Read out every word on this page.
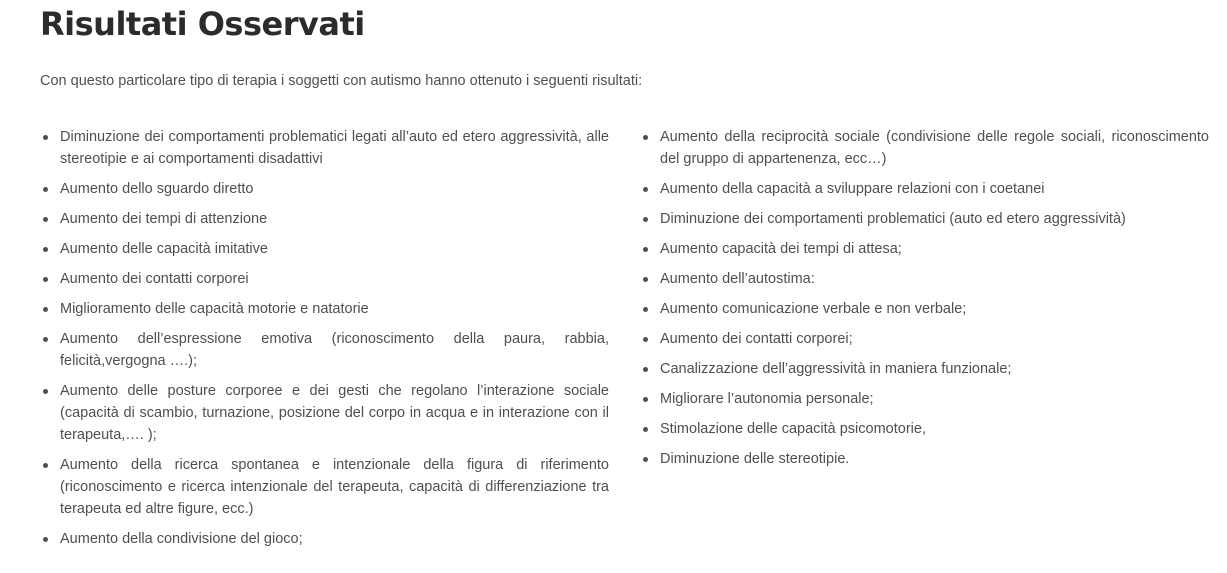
Risultati Osservati

Con questo particolare tipo di terapia i soggetti con autismo hanno ottenuto i seguenti risultati:

Diminuzione dei comportamenti problematici legati all’auto ed etero aggressività, alle stereotipie e ai comportamenti disadattivi
Aumento dello sguardo diretto
Aumento dei tempi di attenzione
Aumento delle capacità imitative
Aumento dei contatti corporei
Miglioramento delle capacità motorie e natatorie
Aumento dell’espressione emotiva (riconoscimento della paura, rabbia, felicità,vergogna ….);
Aumento delle posture corporee e dei gesti che regolano l’interazione sociale (capacità di scambio, turnazione, posizione del corpo in acqua e in interazione con il terapeuta,…. );
Aumento della ricerca spontanea e intenzionale della figura di riferimento (riconoscimento e ricerca intenzionale del terapeuta, capacità di differenziazione tra terapeuta ed altre figure, ecc.)
Aumento della condivisione del gioco;
Aumento della reciprocità sociale (condivisione delle regole sociali, riconoscimento del gruppo di appartenenza, ecc…)
Aumento della capacità a sviluppare relazioni con i coetanei
Diminuzione dei comportamenti problematici (auto ed etero aggressività)
Aumento capacità dei tempi di attesa;
Aumento dell’autostima:
Aumento comunicazione verbale e non verbale;
Aumento dei contatti corporei;
Canalizzazione dell’aggressività in maniera funzionale;
Migliorare l’autonomia personale;
Stimolazione delle capacità psicomotorie,
Diminuzione delle stereotipie.
